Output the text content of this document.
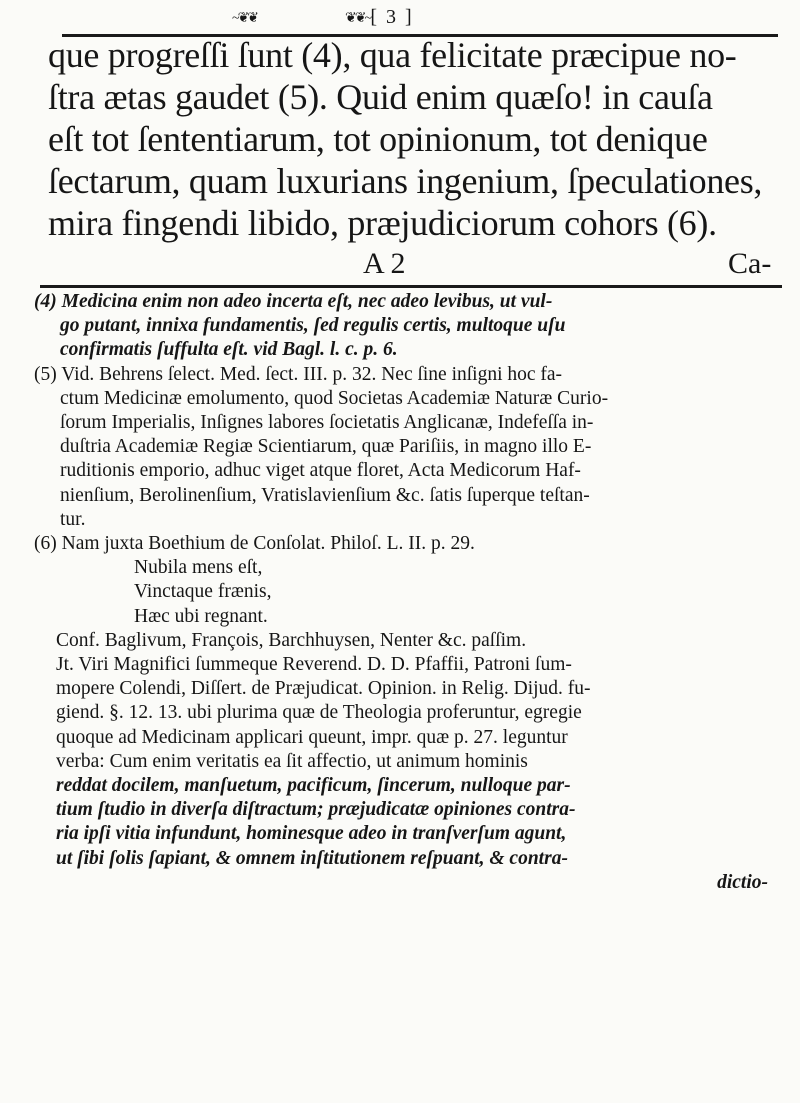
~❦❦	[ 3 ]
❦❦~
que progreſſi ſunt (4), qua felicitate præcipue no-
ſtra ætas gaudet (5). Quid enim quæſo! in cauſa
eſt tot ſententiarum, tot opinionum, tot denique
ſectarum, quam luxurians ingenium, ſpeculationes,
mira fingendi libido, præjudiciorum cohors (6).
A 2	Ca-
(4) Medicina enim non adeo incerta eſt, nec adeo levibus, ut vul-
go putant, innixa fundamentis, ſed regulis certis, multoque uſu
confirmatis ſuffulta eſt. vid Bagl. l. c. p. 6.
(5) Vid. Behrens ſelect. Med. ſect. III. p. 32. Nec ſine inſigni hoc fa-
ctum Medicinæ emolumento, quod Societas Academiæ Naturæ Curio-
ſorum Imperialis, Inſignes labores ſocietatis Anglicanæ, Indefeſſa in-
duſtria Academiæ Regiæ Scientiarum, quæ Pariſiis, in magno illo E-
ruditionis emporio, adhuc viget atque floret, Acta Medicorum Haf-
nienſium, Berolinenſium, Vratislavienſium &c. ſatis ſuperque teſtan-
tur.
(6) Nam juxta Boethium de Conſolat. Philoſ. L. II. p. 29.
Nubila mens eſt,
Vinctaque frænis,
Hæc ubi regnant.
Conf. Baglivum, François, Barchhuysen, Nenter &c. paſſim.
Jt. Viri Magnifici ſummeque Reverend. D. D. Pfaffii, Patroni ſum-
mopere Colendi, Diſſert. de Præjudicat. Opinion. in Relig. Dijud. fu-
giend. §. 12. 13. ubi plurima quæ de Theologia proferuntur, egregie
quoque ad Medicinam applicari queunt, impr. quæ p. 27. leguntur
verba: Cum enim veritatis ea ſit affectio, ut animum hominis
reddat docilem, manſuetum, pacificum, ſincerum, nulloque par-
tium ſtudio in diverſa diſtractum; præjudicatæ opiniones contra-
ria ipſi vitia infundunt, hominesque adeo in tranſverſum agunt,
ut ſibi ſolis ſapiant, & omnem inſtitutionem reſpuant, & contra-
dictio-
